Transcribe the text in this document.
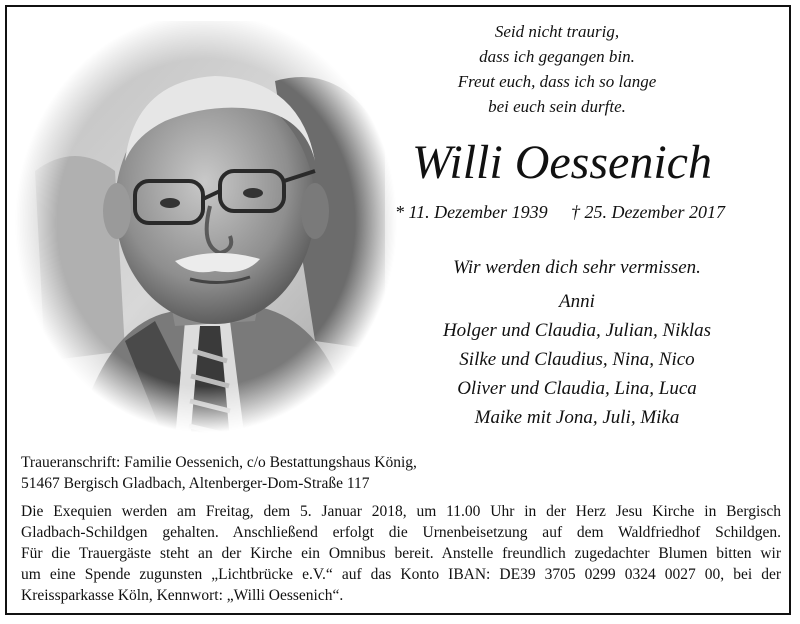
Seid nicht traurig,
dass ich gegangen bin.
Freut euch, dass ich so lange
bei euch sein durfte.
Willi Oessenich
* 11. Dezember 1939 † 25. Dezember 2017
Wir werden dich sehr vermissen.
Anni
Holger und Claudia, Julian, Niklas
Silke und Claudius, Nina, Nico
Oliver und Claudia, Lina, Luca
Maike mit Jona, Juli, Mika
Traueranschrift: Familie Oessenich, c/o Bestattungshaus König,
51467 Bergisch Gladbach, Altenberger-Dom-Straße 117
Die Exequien werden am Freitag, dem 5. Januar 2018, um 11.00 Uhr in der Herz Jesu Kirche in Bergisch
Gladbach-Schildgen gehalten. Anschließend erfolgt die Urnenbeisetzung auf dem Waldfriedhof Schildgen.
Für die Trauergäste steht an der Kirche ein Omnibus bereit. Anstelle freundlich zugedachter Blumen bitten wir
um eine Spende zugunsten „Lichtbrücke e.V.“ auf das Konto IBAN: DE39 3705 0299 0324 0027 00, bei der
Kreissparkasse Köln, Kennwort: „Willi Oessenich“.
